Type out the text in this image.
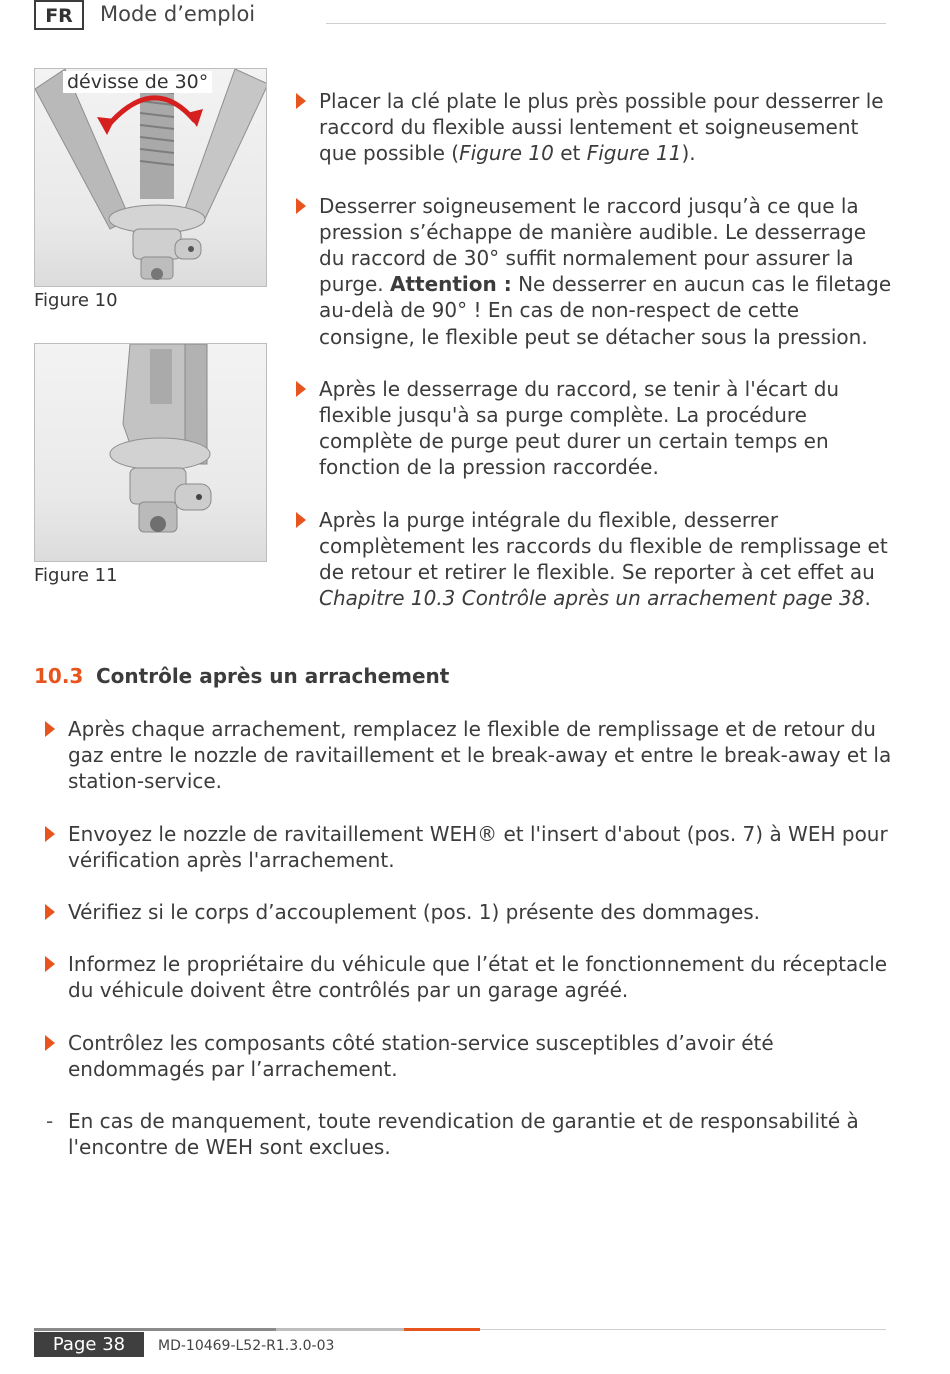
FR	Mode d’emploi
dévisse de 30°
Figure 10
Figure 11
Placer la clé plate le plus près possible pour desserrer le raccord du flexible aussi lentement et soigneusement que possible (Figure 10 et Figure 11).
Desserrer soigneusement le raccord jusqu’à ce que la pression s’échappe de manière audible. Le desserrage du raccord de 30° suffit normalement pour assurer la purge. Attention : Ne desserrer en aucun cas le filetage au-delà de 90° ! En cas de non-respect de cette consigne, le flexible peut se détacher sous la pression.
Après le desserrage du raccord, se tenir à l'écart du flexible jusqu'à sa purge complète. La procédure complète de purge peut durer un certain temps en fonction de la pression raccordée.
Après la purge intégrale du flexible, desserrer complètement les raccords du flexible de remplissage et de retour et retirer le flexible. Se reporter à cet effet au Chapitre 10.3 Contrôle après un arrachement page 38.
10.3 Contrôle après un arrachement
Après chaque arrachement, remplacez le flexible de remplissage et de retour du gaz entre le nozzle de ravitaillement et le break-away et entre le break-away et la station-service.
Envoyez le nozzle de ravitaillement WEH® et l'insert d'about (pos. 7) à WEH pour vérification après l'arrachement.
Vérifiez si le corps d’accouplement (pos. 1) présente des dommages.
Informez le propriétaire du véhicule que l’état et le fonctionnement du réceptacle du véhicule doivent être contrôlés par un garage agréé.
Contrôlez les composants côté station-service susceptibles d’avoir été endommagés par l’arrachement.
- En cas de manquement, toute revendication de garantie et de responsabilité à l'encontre de WEH sont exclues.
Page 38	MD-10469-L52-R1.3.0-03
